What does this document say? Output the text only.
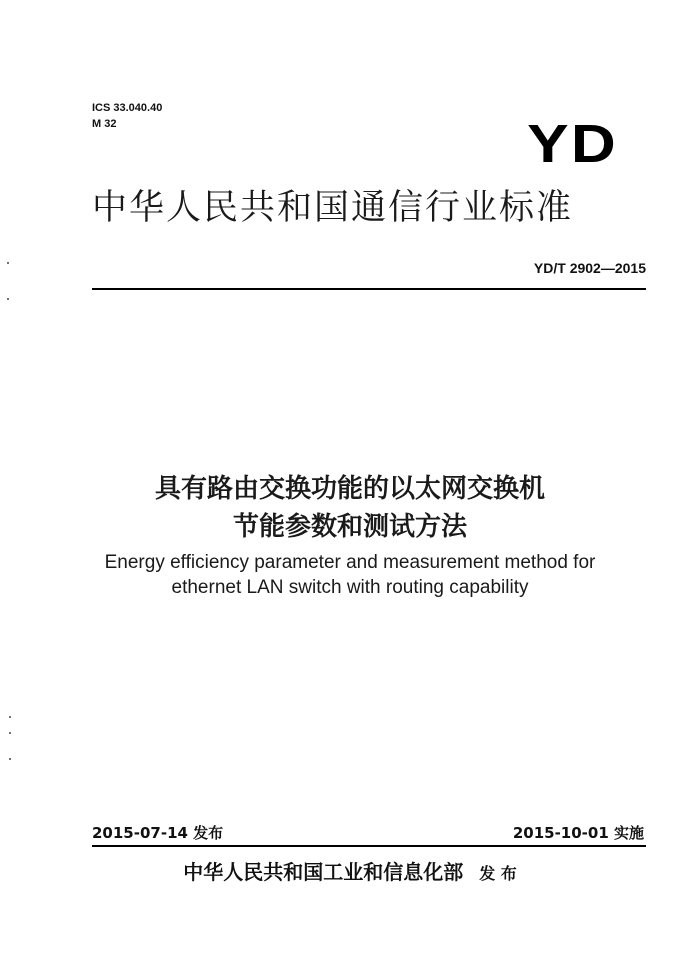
ICS 33.040.40
M 32	YD
中华人民共和国通信行业标准
YD/T 2902—2015
具有路由交换功能的以太网交换机
节能参数和测试方法
Energy efficiency parameter and measurement method for
ethernet LAN switch with routing capability
2015-07-14 发布	2015-10-01 实施
中华人民共和国工业和信息化部 发 布
